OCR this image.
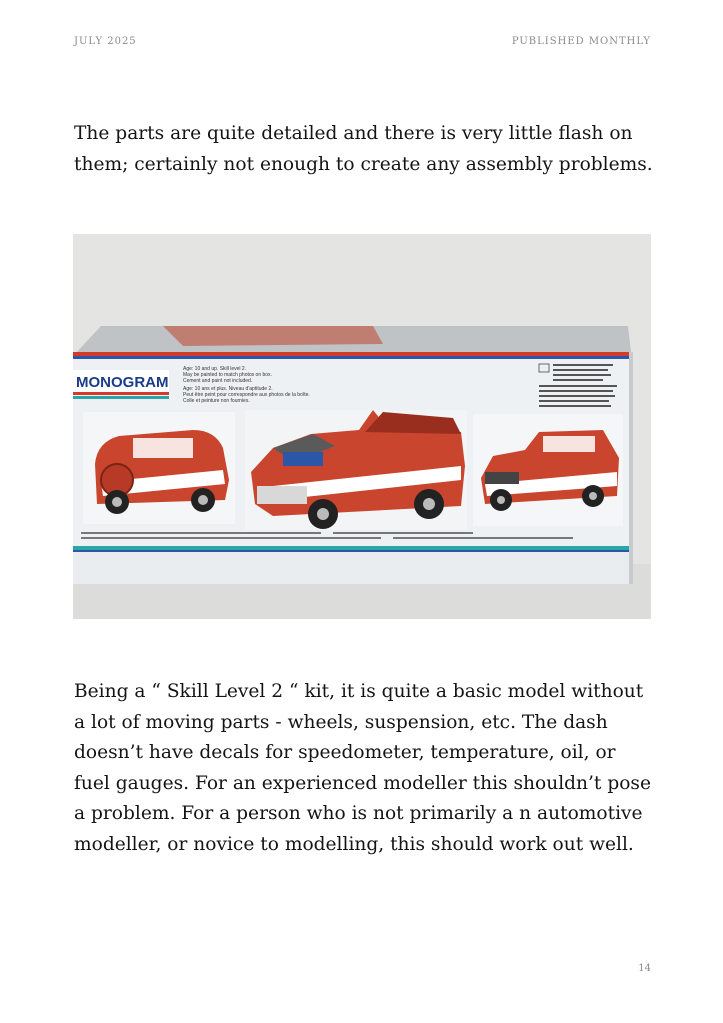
JULY 2025	PUBLISHED MONTHLY

The parts are quite detailed and there is very little flash on them; certainly not enough to create any assembly problems.

MONOGRAM
Age: 10 and up. Skill level 2. May be painted to match photos on box. Cement and paint not included. Age: 10 ans et plus. Niveau d'aptitude 2. Peut être peint pour correspondre aux photos de la boîte. Colle et peinture non fournies.

Being a “ Skill Level 2 “ kit, it is quite a basic model without a lot of moving parts - wheels, suspension, etc. The dash doesn’t have decals for speedometer, temperature, oil, or fuel gauges. For an experienced modeller this shouldn’t pose a problem. For a person who is not primarily a n automotive modeller, or novice to modelling, this should work out well.

14
